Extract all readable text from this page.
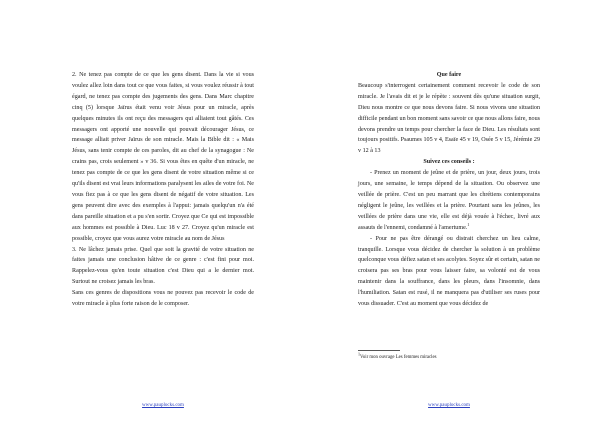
2. Ne tenez pas compte de ce que les gens disent. Dans la vie si vous voulez allez loin dans tout ce que vous faites, si vous voulez réussir à tout égard, ne tenez pas compte des jugements des gens. Dans Marc chapitre cinq (5) lorsque Jaïrus était venu voir Jésus pour un miracle, après quelques minutes ils ont reçu des messagers qui alliaient tout gâtés. Ces messagers ont apporté une nouvelle qui pouvait décourager Jésus, ce message alliait priver Jaïrus de son miracle. Mais la Bible dit : « Mais Jésus, sans tenir compte de ces paroles, dit au chef de la synagogue : Ne crains pas, crois seulement » v 36. Si vous êtes en quête d'un miracle, ne tenez pas compte de ce que les gens disent de votre situation même si ce qu'ils disent est vrai leurs informations paralysent les ailes de votre foi. Ne vous fiez pas à ce que les gens disent de négatif de votre situation. Les gens peuvent dire avec des exemples à l'appui: jamais quelqu'un n'a été dans pareille situation et a pu s'en sortir. Croyez que Ce qui est impossible aux hommes est possible à Dieu. Luc 18 v 27. Croyez qu'un miracle est possible, croyez que vous aurez votre miracle au nom de Jésus

3. Ne lâchez jamais prise. Quel que soit la gravité de votre situation ne faites jamais une conclusion hâtive de ce genre : c'est fini pour moi. Rappelez-vous qu'en toute situation c'est Dieu qui a le dernier mot. Surtout ne croisez jamais les bras.

Sans ces genres de dispositions vous ne pouvez pas recevoir le code de votre miracle à plus forte raison de le composer.

Que faire

Beaucoup s'interrogent certainement comment recevoir le code de son miracle. Je l'avais dit et je le répète : souvent dès qu'une situation surgit, Dieu nous montre ce que nous devons faire. Si nous vivons une situation difficile pendant un bon moment sans savoir ce que nous allons faire, nous devons prendre un temps pour chercher la face de Dieu. Les résultats sont toujours positifs. Psaumes 105 v 4, Esaïe 45 v 19, Osée 5 v 15, Jérémie 29 v 12 à 13

Suivez ces conseils :

- Prenez un moment de jeûne et de prière, un jour, deux jours, trois jours, une semaine, le temps dépend de la situation. Ou observez une veillée de prière. C'est un peu marrant que les chrétiens contemporains négligent le jeûne, les veillées et la prière. Pourtant sans les jeûnes, les veillées de prière dans une vie, elle est déjà vouée à l'échec, livré aux assauts de l'ennemi, condamné à l'amertume.$^1$

- Pour ne pas être dérangé ou distrait cherchez un lieu calme, tranquille. Lorsque vous décidez de chercher la solution à un problème quelconque vous défiez satan et ses acolytes. Soyez sûr et certain, satan ne croisera pas ses bras pour vous laisser faire, sa volonté est de vous maintenir dans la souffrance, dans les pleurs, dans l'insomnie, dans l'humiliation. Satan est rusé, il ne manquera pas d'utiliser ses ruses pour vous dissuader. C'est au moment que vous décidez de

$^1$Voir mon ouvrage Les femmes miracles

www.pauplocks.com	www.pauplocks.com
